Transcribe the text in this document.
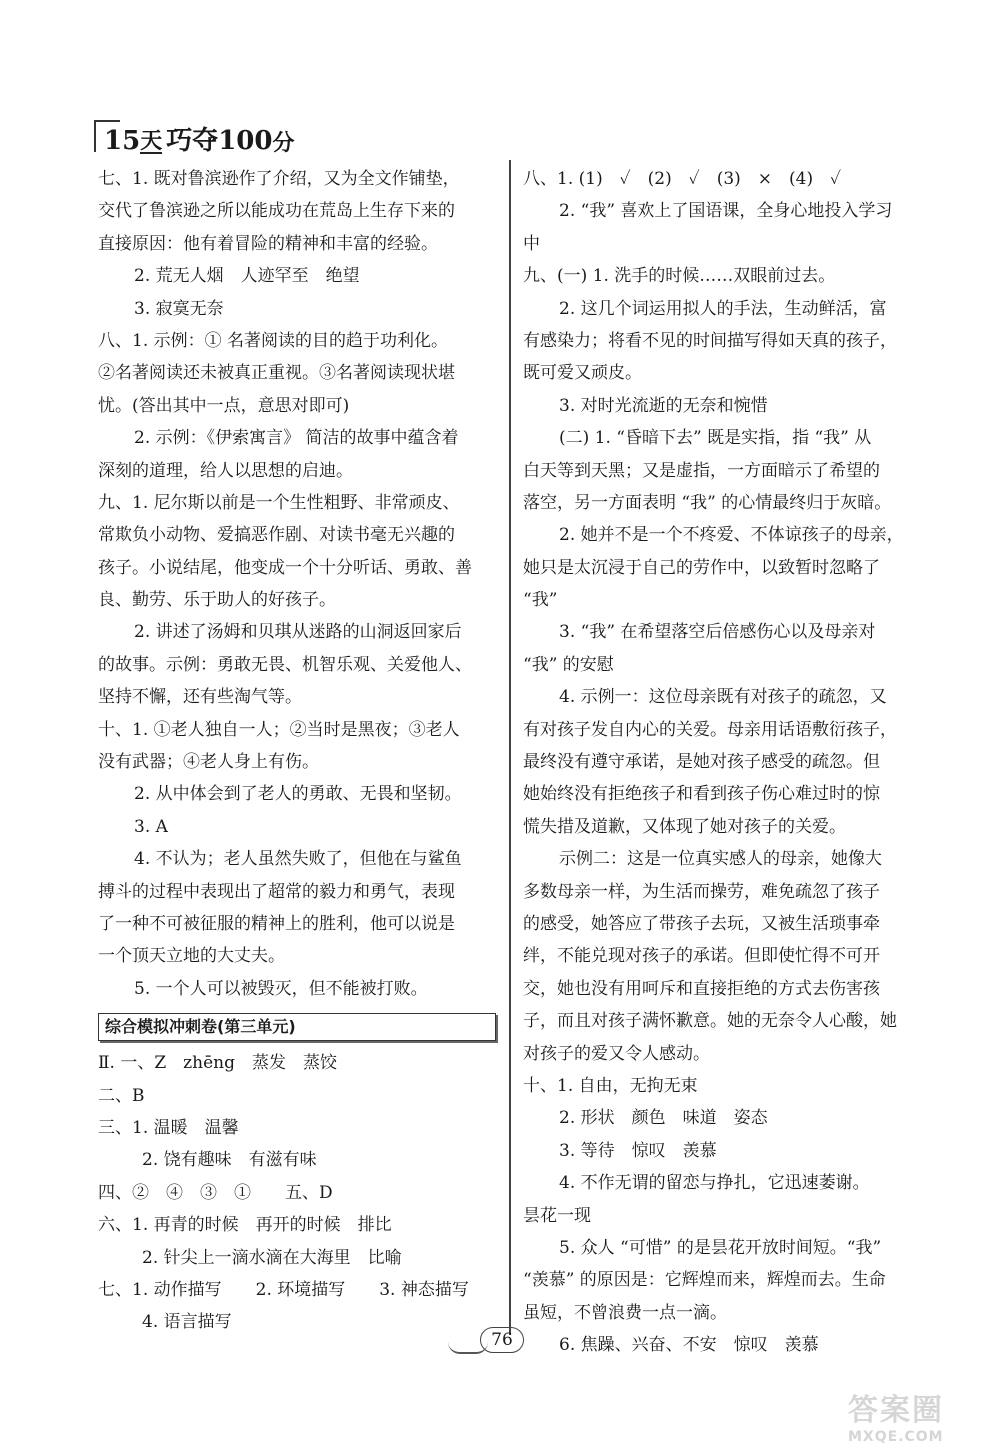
15 天 巧夺 100 分
七、1. 既对鲁滨逊作了介绍，又为全文作铺垫，
交代了鲁滨逊之所以能成功在荒岛上生存下来的
直接原因：他有着冒险的精神和丰富的经验。
2. 荒无人烟　人迹罕至　绝望
3. 寂寞无奈
八、1. 示例：① 名著阅读的目的趋于功利化。
②名著阅读还未被真正重视。③名著阅读现状堪
忧。(答出其中一点，意思对即可)
2. 示例：《伊索寓言》 简洁的故事中蕴含着
深刻的道理，给人以思想的启迪。
九、1. 尼尔斯以前是一个生性粗野、非常顽皮、
常欺负小动物、爱搞恶作剧、对读书毫无兴趣的
孩子。小说结尾，他变成一个十分听话、勇敢、善
良、勤劳、乐于助人的好孩子。
2. 讲述了汤姆和贝琪从迷路的山洞返回家后
的故事。示例：勇敢无畏、机智乐观、关爱他人、
坚持不懈，还有些淘气等。
十、1. ①老人独自一人；②当时是黑夜；③老人
没有武器；④老人身上有伤。
2. 从中体会到了老人的勇敢、无畏和坚韧。
3. A
4. 不认为；老人虽然失败了，但他在与鲨鱼
搏斗的过程中表现出了超常的毅力和勇气，表现
了一种不可被征服的精神上的胜利，他可以说是
一个顶天立地的大丈夫。
5. 一个人可以被毁灭，但不能被打败。
综合模拟冲刺卷(第三单元)
Ⅱ. 一、Z　zhēng　蒸发　蒸饺
二、B
三、1. 温暖　温馨
2. 饶有趣味　有滋有味
四、②　④　③　①　　五、D
六、1. 再青的时候　再开的时候　排比
2. 针尖上一滴水滴在大海里　比喻
七、1. 动作描写　　2. 环境描写　　3. 神态描写
4. 语言描写
八、1. (1)　✓　(2)　✓　(3)　×　(4)　✓
2. “我” 喜欢上了国语课，全身心地投入学习
中
九、(一) 1. 洗手的时候……双眼前过去。
2. 这几个词运用拟人的手法，生动鲜活，富
有感染力；将看不见的时间描写得如天真的孩子，
既可爱又顽皮。
3. 对时光流逝的无奈和惋惜
(二) 1. “昏暗下去” 既是实指，指 “我” 从
白天等到天黑；又是虚指，一方面暗示了希望的
落空，另一方面表明 “我” 的心情最终归于灰暗。
2. 她并不是一个不疼爱、不体谅孩子的母亲，
她只是太沉浸于自己的劳作中，以致暂时忽略了
“我”
3. “我” 在希望落空后倍感伤心以及母亲对
“我” 的安慰
4. 示例一：这位母亲既有对孩子的疏忽，又
有对孩子发自内心的关爱。母亲用话语敷衍孩子，
最终没有遵守承诺，是她对孩子感受的疏忽。但
她始终没有拒绝孩子和看到孩子伤心难过时的惊
慌失措及道歉，又体现了她对孩子的关爱。
示例二：这是一位真实感人的母亲，她像大
多数母亲一样，为生活而操劳，难免疏忽了孩子
的感受，她答应了带孩子去玩，又被生活琐事牵
绊，不能兑现对孩子的承诺。但即使忙得不可开
交，她也没有用呵斥和直接拒绝的方式去伤害孩
子，而且对孩子满怀歉意。她的无奈令人心酸，她
对孩子的爱又令人感动。
十、1. 自由，无拘无束
2. 形状　颜色　味道　姿态
3. 等待　惊叹　羡慕
4. 不作无谓的留恋与挣扎，它迅速萎谢。
昙花一现
5. 众人 “可惜” 的是昙花开放时间短。“我”
“羡慕” 的原因是：它辉煌而来，辉煌而去。生命
虽短，不曾浪费一点一滴。
6. 焦躁、兴奋、不安　惊叹　羡慕
76
答案圈
MXQE.COM
